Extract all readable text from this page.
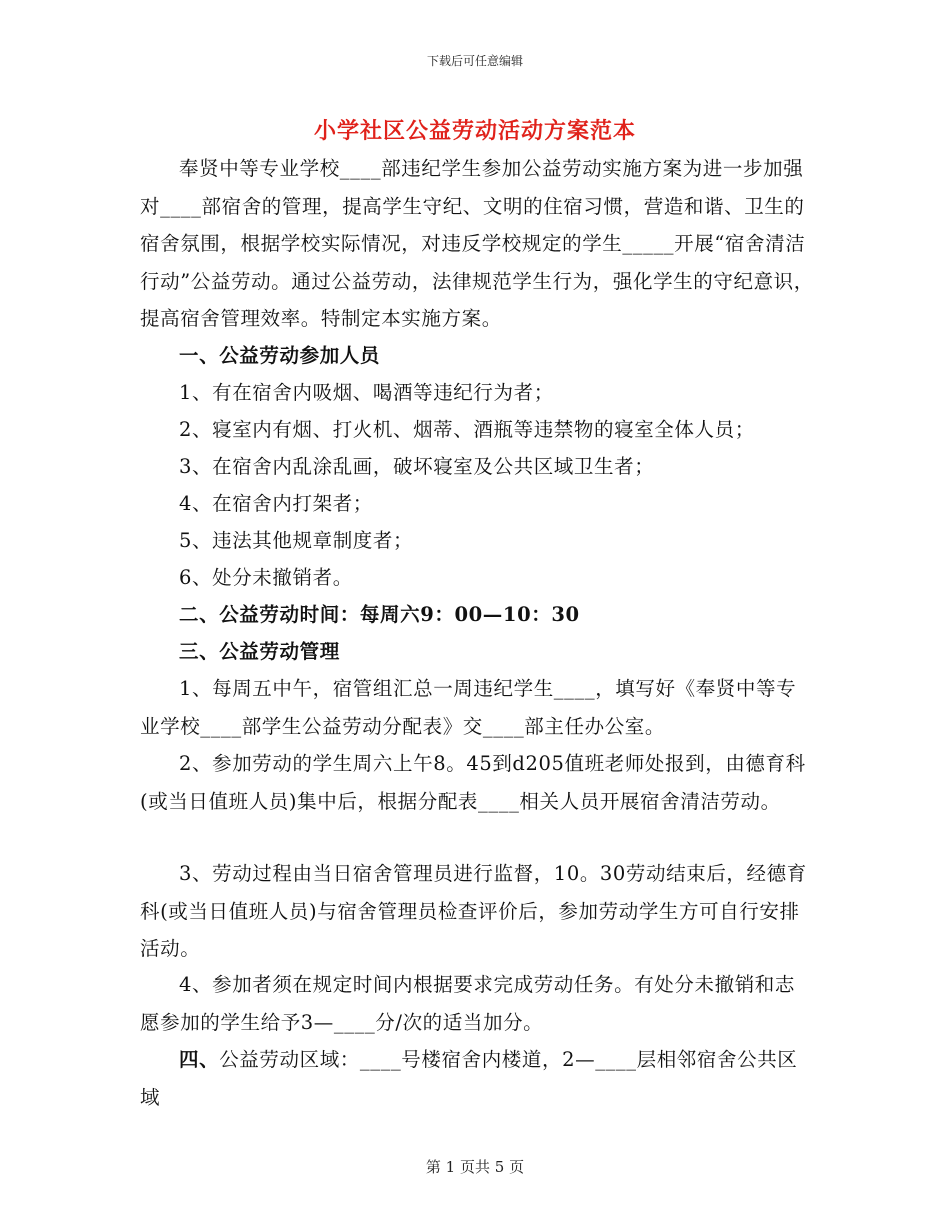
下载后可任意编辑
小学社区公益劳动活动方案范本

奉贤中等专业学校____部违纪学生参加公益劳动实施方案为进一步加强对____部宿舍的管理，提高学生守纪、文明的住宿习惯，营造和谐、卫生的宿舍氛围，根据学校实际情况，对违反学校规定的学生_____开展“宿舍清洁行动”公益劳动。通过公益劳动，法律规范学生行为，强化学生的守纪意识，提高宿舍管理效率。特制定本实施方案。

一、公益劳动参加人员

1、有在宿舍内吸烟、喝酒等违纪行为者；

2、寝室内有烟、打火机、烟蒂、酒瓶等违禁物的寝室全体人员；

3、在宿舍内乱涂乱画，破坏寝室及公共区域卫生者；

4、在宿舍内打架者；

5、违法其他规章制度者；

6、处分未撤销者。

二、公益劳动时间：每周六9：00—10：30

三、公益劳动管理

1、每周五中午，宿管组汇总一周违纪学生____，填写好《奉贤中等专业学校____部学生公益劳动分配表》交____部主任办公室。

2、参加劳动的学生周六上午8。45到d205值班老师处报到，由德育科(或当日值班人员)集中后，根据分配表____相关人员开展宿舍清洁劳动。

3、劳动过程由当日宿舍管理员进行监督，10。30劳动结束后，经德育科(或当日值班人员)与宿舍管理员检查评价后，参加劳动学生方可自行安排活动。

4、参加者须在规定时间内根据要求完成劳动任务。有处分未撤销和志愿参加的学生给予3—____分/次的适当加分。

四、公益劳动区域：____号楼宿舍内楼道，2—____层相邻宿舍公共区域

第 1 页共 5 页
